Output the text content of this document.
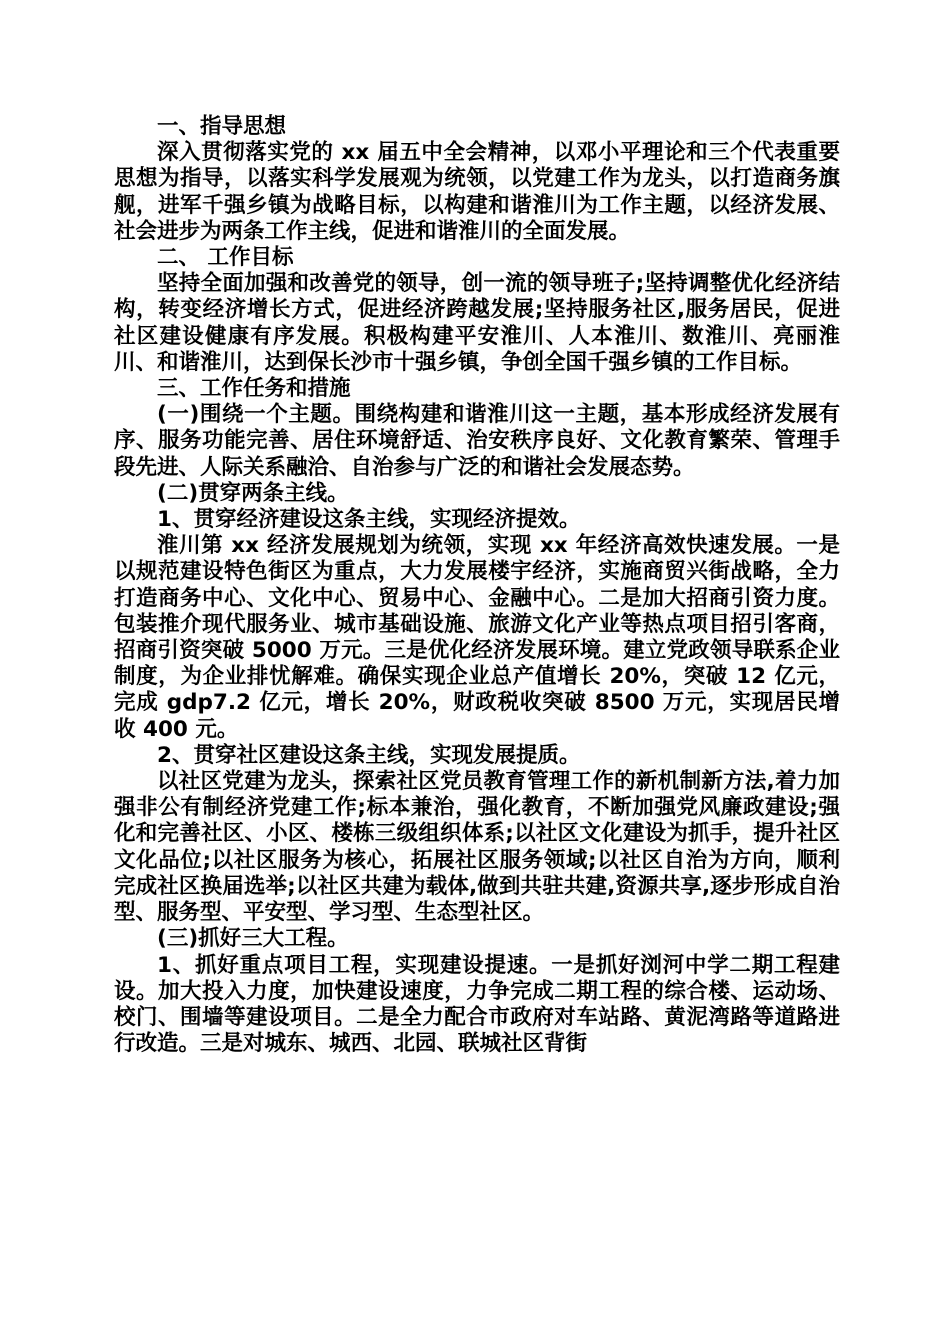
一、指导思想

深入贯彻落实党的 xx 届五中全会精神，以邓小平理论和三个代表重要思想为指导，以落实科学发展观为统领，以党建工作为龙头，以打造商务旗舰，进军千强乡镇为战略目标，以构建和谐淮川为工作主题，以经济发展、社会进步为两条工作主线，促进和谐淮川的全面发展。

二、 工作目标

坚持全面加强和改善党的领导，创一流的领导班子;坚持调整优化经济结构，转变经济增长方式，促进经济跨越发展;坚持服务社区,服务居民，促进社区建设健康有序发展。积极构建平安淮川、人本淮川、数淮川、亮丽淮川、和谐淮川，达到保长沙市十强乡镇，争创全国千强乡镇的工作目标。

三、工作任务和措施

(一)围绕一个主题。围绕构建和谐淮川这一主题，基本形成经济发展有序、服务功能完善、居住环境舒适、治安秩序良好、文化教育繁荣、管理手段先进、人际关系融洽、自治参与广泛的和谐社会发展态势。

(二)贯穿两条主线。

1、贯穿经济建设这条主线，实现经济提效。

淮川第 xx 经济发展规划为统领，实现 xx 年经济高效快速发展。一是以规范建设特色街区为重点，大力发展楼宇经济，实施商贸兴街战略，全力打造商务中心、文化中心、贸易中心、金融中心。二是加大招商引资力度。包装推介现代服务业、城市基础设施、旅游文化产业等热点项目招引客商，招商引资突破 5000 万元。三是优化经济发展环境。建立党政领导联系企业制度，为企业排忧解难。确保实现企业总产值增长 20%，突破 12 亿元，完成 gdp7.2 亿元，增长 20%，财政税收突破 8500 万元，实现居民增收 400 元。

2、贯穿社区建设这条主线，实现发展提质。

以社区党建为龙头，探索社区党员教育管理工作的新机制新方法,着力加强非公有制经济党建工作;标本兼治，强化教育，不断加强党风廉政建设;强化和完善社区、小区、楼栋三级组织体系;以社区文化建设为抓手，提升社区文化品位;以社区服务为核心，拓展社区服务领域;以社区自治为方向，顺利完成社区换届选举;以社区共建为载体,做到共驻共建,资源共享,逐步形成自治型、服务型、平安型、学习型、生态型社区。

(三)抓好三大工程。

1、抓好重点项目工程，实现建设提速。一是抓好浏河中学二期工程建设。加大投入力度，加快建设速度，力争完成二期工程的综合楼、运动场、校门、围墙等建设项目。二是全力配合市政府对车站路、黄泥湾路等道路进行改造。三是对城东、城西、北园、联城社区背街
